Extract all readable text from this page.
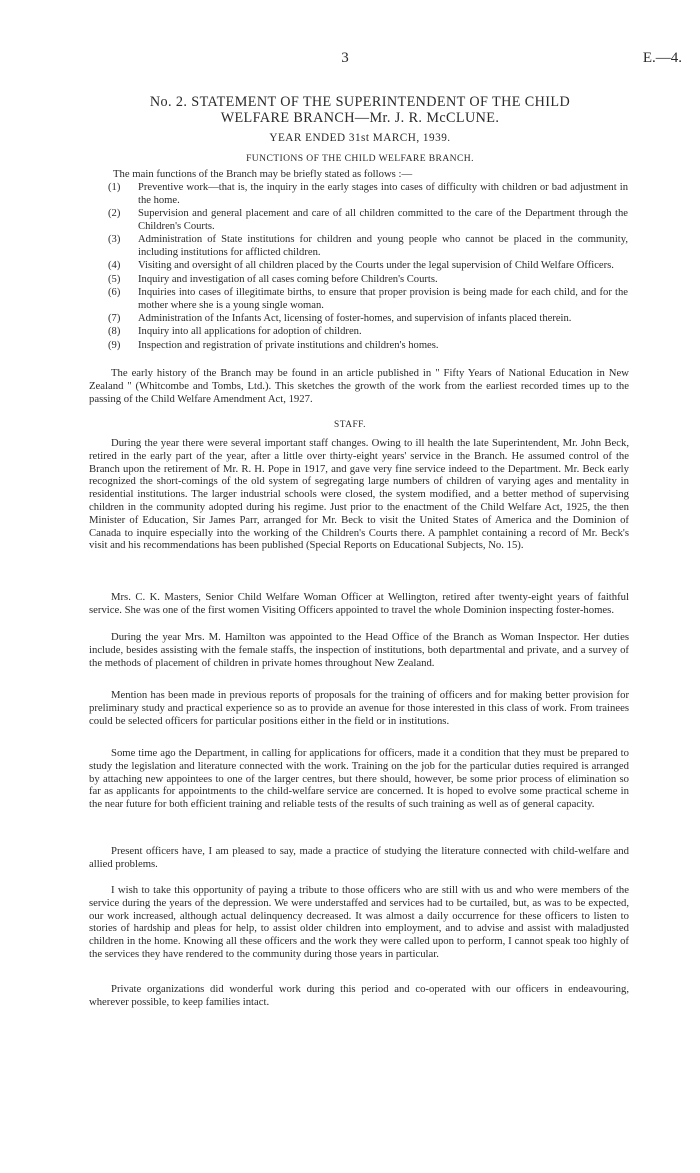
3	E.—4.
No. 2. STATEMENT OF THE SUPERINTENDENT OF THE CHILD
WELFARE BRANCH—Mr. J. R. McCLUNE.
YEAR ENDED 31st MARCH, 1939.
FUNCTIONS OF THE CHILD WELFARE BRANCH.
The main functions of the Branch may be briefly stated as follows :—
(1) Preventive work—that is, the inquiry in the early stages into cases of difficulty with children or bad adjustment in the home.
(2) Supervision and general placement and care of all children committed to the care of the Department through the Children's Courts.
(3) Administration of State institutions for children and young people who cannot be placed in the community, including institutions for afflicted children.
(4) Visiting and oversight of all children placed by the Courts under the legal supervision of Child Welfare Officers.
(5) Inquiry and investigation of all cases coming before Children's Courts.
(6) Inquiries into cases of illegitimate births, to ensure that proper provision is being made for each child, and for the mother where she is a young single woman.
(7) Administration of the Infants Act, licensing of foster-homes, and supervision of infants placed therein.
(8) Inquiry into all applications for adoption of children.
(9) Inspection and registration of private institutions and children's homes.

The early history of the Branch may be found in an article published in " Fifty Years of National Education in New Zealand " (Whitcombe and Tombs, Ltd.). This sketches the growth of the work from the earliest recorded times up to the passing of the Child Welfare Amendment Act, 1927.

STAFF.

During the year there were several important staff changes. Owing to ill health the late Superintendent, Mr. John Beck, retired in the early part of the year, after a little over thirty-eight years' service in the Branch. He assumed control of the Branch upon the retirement of Mr. R. H. Pope in 1917, and gave very fine service indeed to the Department. Mr. Beck early recognized the short-comings of the old system of segregating large numbers of children of varying ages and mentality in residential institutions. The larger industrial schools were closed, the system modified, and a better method of supervising children in the community adopted during his regime. Just prior to the enactment of the Child Welfare Act, 1925, the then Minister of Education, Sir James Parr, arranged for Mr. Beck to visit the United States of America and the Dominion of Canada to inquire especially into the working of the Children's Courts there. A pamphlet containing a record of Mr. Beck's visit and his recommendations has been published (Special Reports on Educational Subjects, No. 15).

Mrs. C. K. Masters, Senior Child Welfare Woman Officer at Wellington, retired after twenty-eight years of faithful service. She was one of the first women Visiting Officers appointed to travel the whole Dominion inspecting foster-homes.

During the year Mrs. M. Hamilton was appointed to the Head Office of the Branch as Woman Inspector. Her duties include, besides assisting with the female staffs, the inspection of institutions, both departmental and private, and a survey of the methods of placement of children in private homes throughout New Zealand.

Mention has been made in previous reports of proposals for the training of officers and for making better provision for preliminary study and practical experience so as to provide an avenue for those interested in this class of work. From trainees could be selected officers for particular positions either in the field or in institutions.

Some time ago the Department, in calling for applications for officers, made it a condition that they must be prepared to study the legislation and literature connected with the work. Training on the job for the particular duties required is arranged by attaching new appointees to one of the larger centres, but there should, however, be some prior process of elimination so far as applicants for appointments to the child-welfare service are concerned. It is hoped to evolve some practical scheme in the near future for both efficient training and reliable tests of the results of such training as well as of general capacity.

Present officers have, I am pleased to say, made a practice of studying the literature connected with child-welfare and allied problems.

I wish to take this opportunity of paying a tribute to those officers who are still with us and who were members of the service during the years of the depression. We were understaffed and services had to be curtailed, but, as was to be expected, our work increased, although actual delinquency decreased. It was almost a daily occurrence for these officers to listen to stories of hardship and pleas for help, to assist older children into employment, and to advise and assist with maladjusted children in the home. Knowing all these officers and the work they were called upon to perform, I cannot speak too highly of the services they have rendered to the community during those years in particular.

Private organizations did wonderful work during this period and co-operated with our officers in endeavouring, wherever possible, to keep families intact.
